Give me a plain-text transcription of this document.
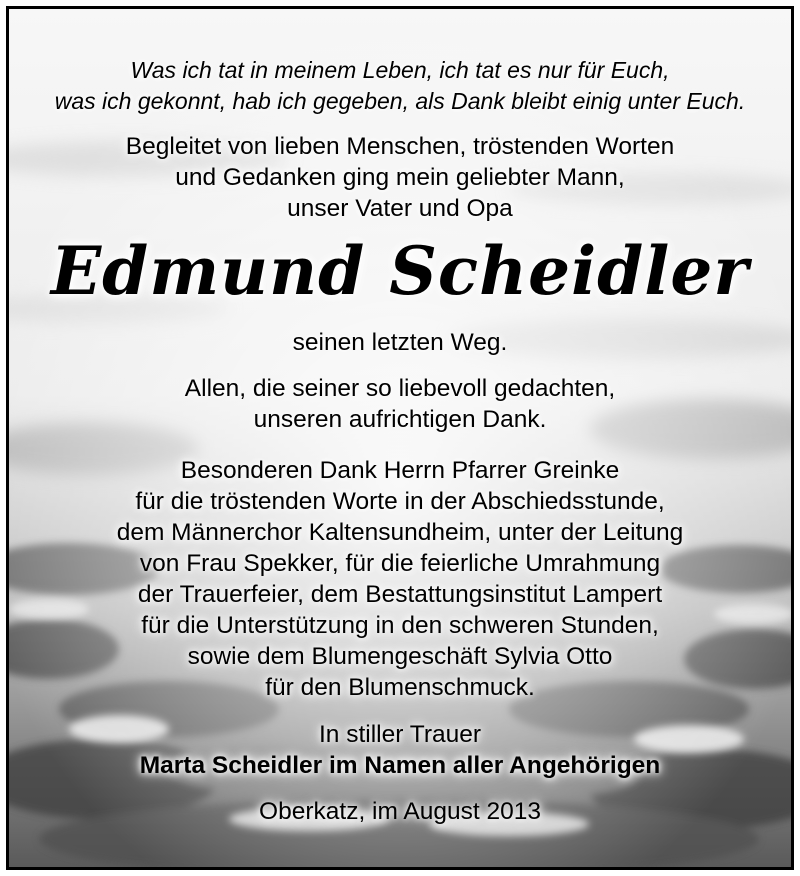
Was ich tat in meinem Leben, ich tat es nur für Euch,
was ich gekonnt, hab ich gegeben, als Dank bleibt einig unter Euch.
Begleitet von lieben Menschen, tröstenden Worten
und Gedanken ging mein geliebter Mann,
unser Vater und Opa
Edmund Scheidler
seinen letzten Weg.
Allen, die seiner so liebevoll gedachten,
unseren aufrichtigen Dank.
Besonderen Dank Herrn Pfarrer Greinke
für die tröstenden Worte in der Abschiedsstunde,
dem Männerchor Kaltensundheim, unter der Leitung
von Frau Spekker, für die feierliche Umrahmung
der Trauerfeier, dem Bestattungsinstitut Lampert
für die Unterstützung in den schweren Stunden,
sowie dem Blumengeschäft Sylvia Otto
für den Blumenschmuck.
In stiller Trauer
Marta Scheidler im Namen aller Angehörigen
Oberkatz, im August 2013
